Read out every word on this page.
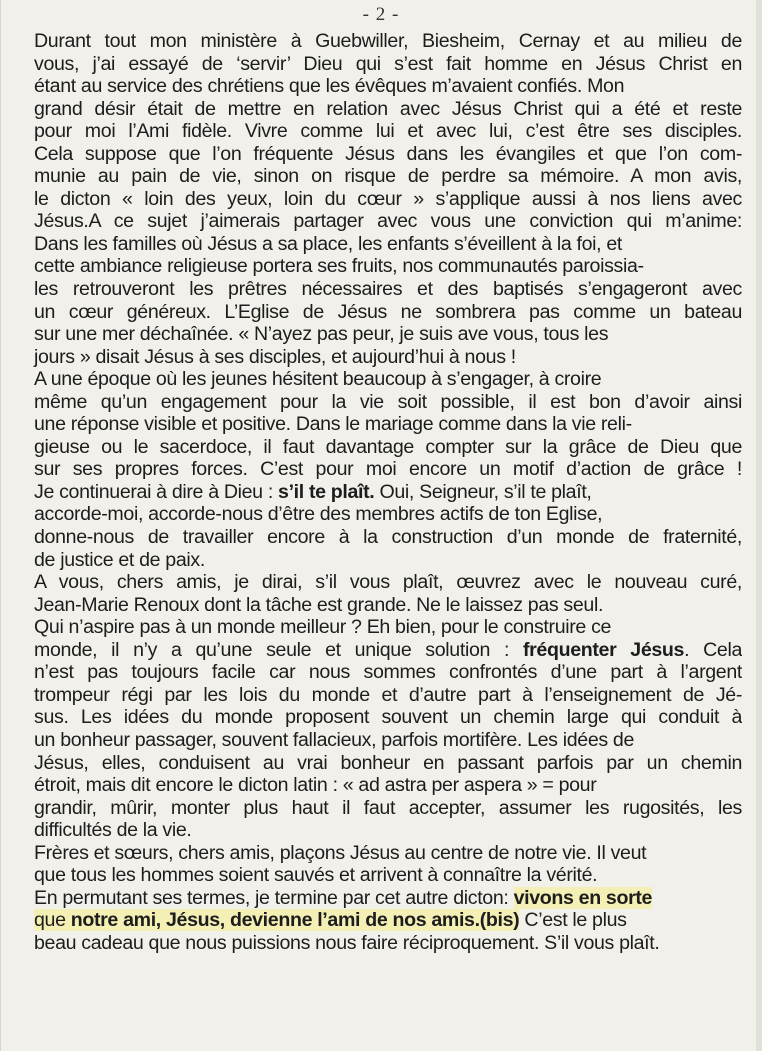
- 2 -
Durant tout mon ministère à Guebwiller, Biesheim, Cernay et au milieu de
vous, j’ai essayé de ‘servir’ Dieu qui s’est fait homme en Jésus Christ en
étant au service des chrétiens que les évêques m’avaient confiés. Mon
grand désir était de mettre en relation avec Jésus Christ qui a été et reste
pour moi l’Ami fidèle. Vivre comme lui et avec lui, c’est être ses disciples.
Cela suppose que l’on fréquente Jésus dans les évangiles et que l’on com-
munie au pain de vie, sinon on risque de perdre sa mémoire. A mon avis,
le dicton « loin des yeux, loin du cœur » s’applique aussi à nos liens avec
Jésus.A ce sujet j’aimerais partager avec vous une conviction qui m’anime:
Dans les familles où Jésus a sa place, les enfants s’éveillent à la foi, et
cette ambiance religieuse portera ses fruits, nos communautés paroissia-
les retrouveront les prêtres nécessaires et des baptisés s’engageront avec
un cœur généreux. L’Eglise de Jésus ne sombrera pas comme un bateau
sur une mer déchaînée. « N’ayez pas peur, je suis ave vous, tous les
jours » disait Jésus à ses disciples, et aujourd’hui à nous !
A une époque où les jeunes hésitent beaucoup à s’engager, à croire
même qu’un engagement pour la vie soit possible, il est bon d’avoir ainsi
une réponse visible et positive. Dans le mariage comme dans la vie reli-
gieuse ou le sacerdoce, il faut davantage compter sur la grâce de Dieu que
sur ses propres forces. C’est pour moi encore un motif d’action de grâce !
Je continuerai à dire à Dieu : s’il te plaît. Oui, Seigneur, s’il te plaît,
accorde-moi, accorde-nous d’être des membres actifs de ton Eglise,
donne-nous de travailler encore à la construction d’un monde de fraternité,
de justice et de paix.
A vous, chers amis, je dirai, s’il vous plaît, œuvrez avec le nouveau curé,
Jean-Marie Renoux dont la tâche est grande. Ne le laissez pas seul.
Qui n’aspire pas à un monde meilleur ? Eh bien, pour le construire ce
monde, il n’y a qu’une seule et unique solution : fréquenter Jésus. Cela
n’est pas toujours facile car nous sommes confrontés d’une part à l’argent
trompeur régi par les lois du monde et d’autre part à l’enseignement de Jé-
sus. Les idées du monde proposent souvent un chemin large qui conduit à
un bonheur passager, souvent fallacieux, parfois mortifère. Les idées de
Jésus, elles, conduisent au vrai bonheur en passant parfois par un chemin
étroit, mais dit encore le dicton latin : « ad astra per aspera » = pour
grandir, mûrir, monter plus haut il faut accepter, assumer les rugosités, les
difficultés de la vie.
Frères et sœurs, chers amis, plaçons Jésus au centre de notre vie. Il veut
que tous les hommes soient sauvés et arrivent à connaître la vérité.
En permutant ses termes, je termine par cet autre dicton: vivons en sorte
que notre ami, Jésus, devienne l’ami de nos amis.(bis) C’est le plus
beau cadeau que nous puissions nous faire réciproquement. S’il vous plaît.
